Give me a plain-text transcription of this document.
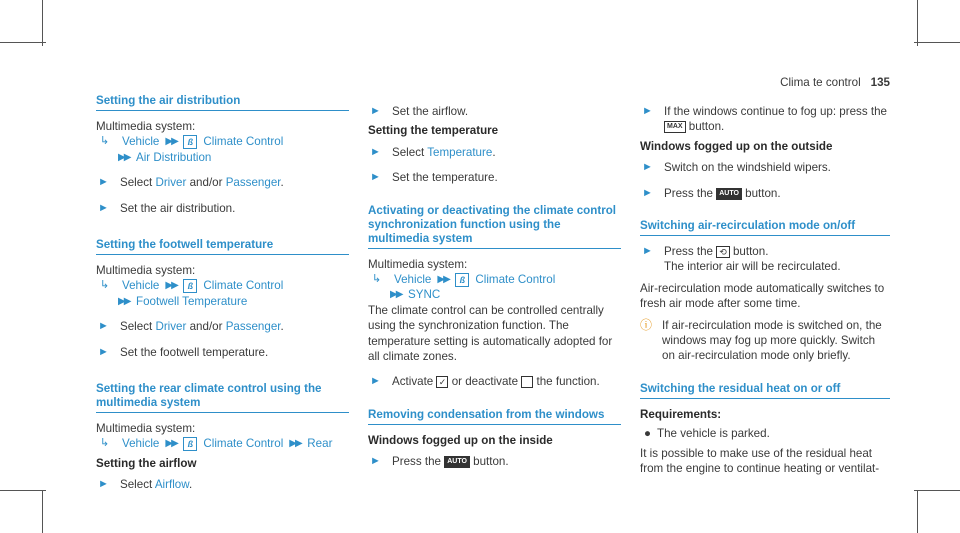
Clima te control 135
Setting the air distribution
Multimedia system:
↳	Vehicle ▶▶	ß Climate Control
▶▶ Air Distribution
► Select Driver and/or Passenger.
► Set the air distribution.
Setting the footwell temperature
Multimedia system:
↳	Vehicle ▶▶	ß Climate Control
▶▶ Footwell Temperature
► Select Driver and/or Passenger.
► Set the footwell temperature.
Setting the rear climate control using the multimedia system
Multimedia system:
↳	Vehicle ▶▶	ß Climate Control ▶▶ Rear
Setting the airflow
► Select Airflow.
► Set the airflow.
Setting the temperature
► Select Temperature.
► Set the temperature.
Activating or deactivating the climate control synchronization function using the multimedia system
Multimedia system:
↳	Vehicle ▶▶	ß Climate Control
▶▶ SYNC
The climate control can be controlled centrally using the synchronization function. The temperature setting is automatically adopted for all climate zones.
► Activate ✓ or deactivate  the function.
Removing condensation from the windows
Windows fogged up on the inside
► Press the AUTO button.
► If the windows continue to fog up: press the MAX button.
Windows fogged up on the outside
► Switch on the windshield wipers.
► Press the AUTO button.
Switching air-recirculation mode on/off
► Press the ⟲ button.
The interior air will be recirculated.
Air-recirculation mode automatically switches to fresh air mode after some time.
ⓘ If air-recirculation mode is switched on, the windows may fog up more quickly. Switch on air-recirculation mode only briefly.
Switching the residual heat on or off
Requirements:
● The vehicle is parked.
It is possible to make use of the residual heat from the engine to continue heating or ventilat-
